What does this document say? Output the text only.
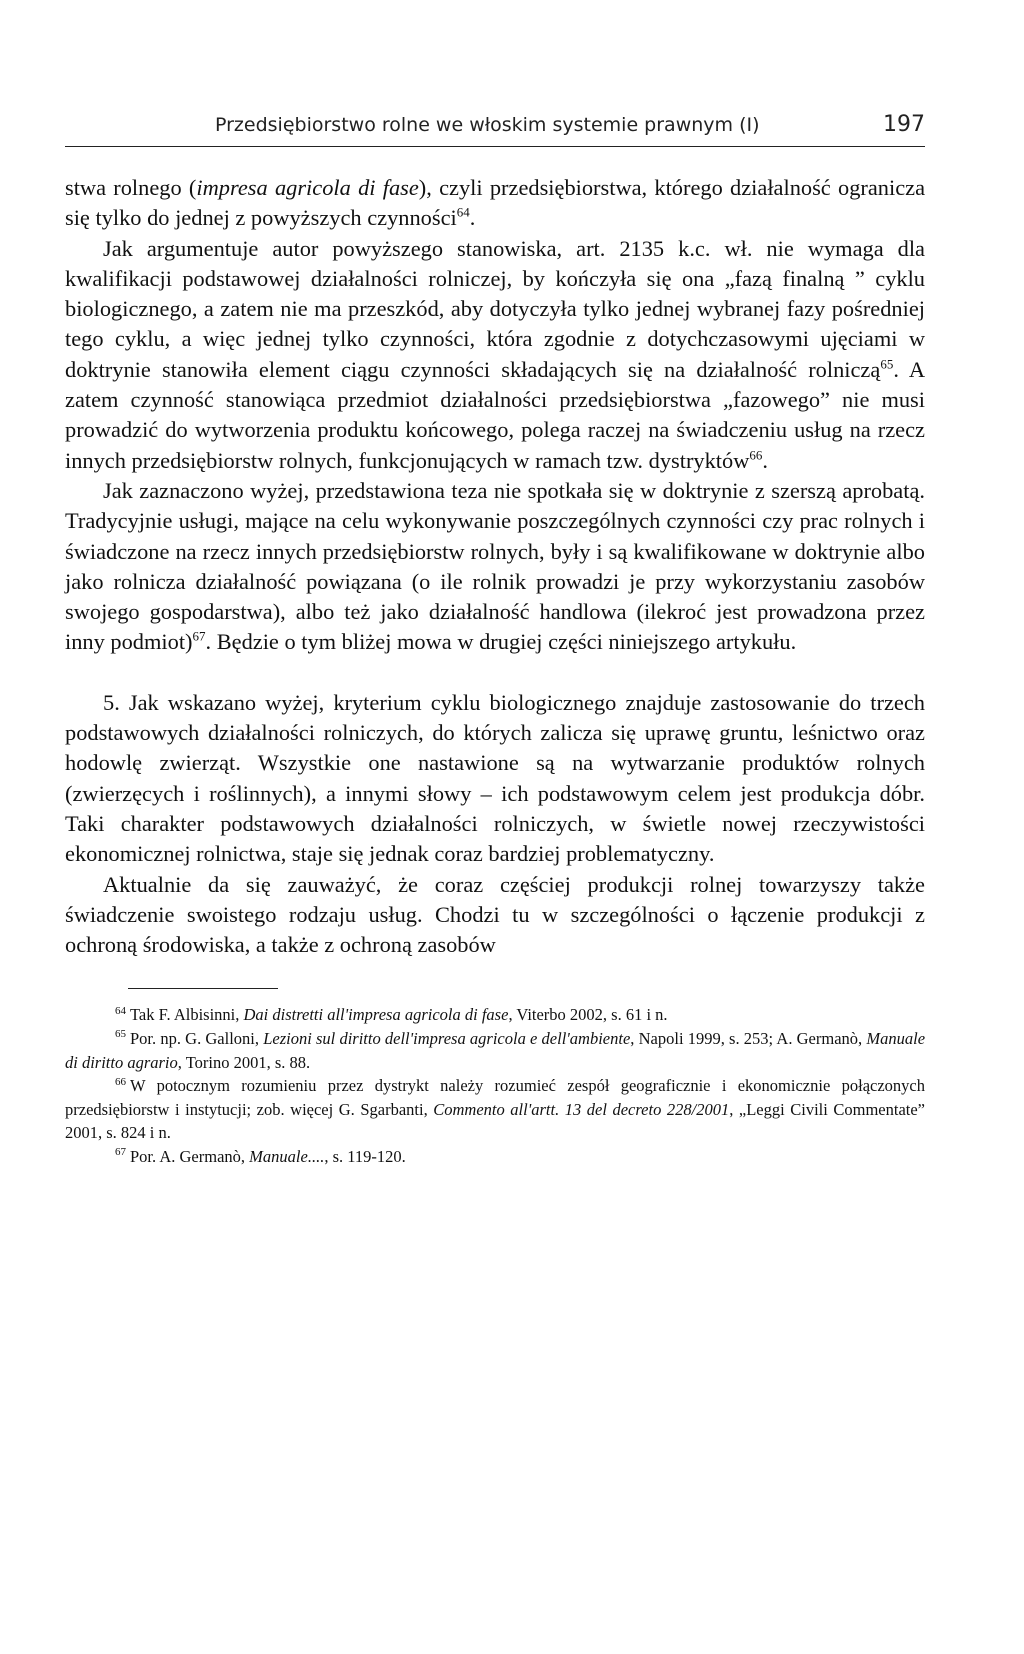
Przedsiębiorstwo rolne we włoskim systemie prawnym (I)	197

stwa rolnego (impresa agricola di fase), czyli przedsiębiorstwa, którego działalność ogranicza się tylko do jednej z powyższych czynności$^{64}$.

Jak argumentuje autor powyższego stanowiska, art. 2135 k.c. wł. nie wymaga dla kwalifikacji podstawowej działalności rolniczej, by kończyła się ona „fazą finalną ” cyklu biologicznego, a zatem nie ma przeszkód, aby dotyczyła tylko jednej wybranej fazy pośredniej tego cyklu, a więc jednej tylko czynności, która zgodnie z dotychczasowymi ujęciami w doktrynie stanowiła element ciągu czynności składających się na działalność rolniczą$^{65}$. A zatem czynność stanowiąca przedmiot działalności przedsiębiorstwa „fazowego” nie musi prowadzić do wytworzenia produktu końcowego, polega raczej na świadczeniu usług na rzecz innych przedsiębiorstw rolnych, funkcjonujących w ramach tzw. dystryktów$^{66}$.

Jak zaznaczono wyżej, przedstawiona teza nie spotkała się w doktrynie z szerszą aprobatą. Tradycyjnie usługi, mające na celu wykonywanie poszczególnych czynności czy prac rolnych i świadczone na rzecz innych przedsiębiorstw rolnych, były i są kwalifikowane w doktrynie albo jako rolnicza działalność powiązana (o ile rolnik prowadzi je przy wykorzystaniu zasobów swojego gospodarstwa), albo też jako działalność handlowa (ilekroć jest prowadzona przez inny podmiot)$^{67}$. Będzie o tym bliżej mowa w drugiej części niniejszego artykułu.

5. Jak wskazano wyżej, kryterium cyklu biologicznego znajduje zastosowanie do trzech podstawowych działalności rolniczych, do których zalicza się uprawę gruntu, leśnictwo oraz hodowlę zwierząt. Wszystkie one nastawione są na wytwarzanie produktów rolnych (zwierzęcych i roślinnych), a innymi słowy – ich podstawowym celem jest produkcja dóbr. Taki charakter podstawowych działalności rolniczych, w świetle nowej rzeczywistości ekonomicznej rolnictwa, staje się jednak coraz bardziej problematyczny.

Aktualnie da się zauważyć, że coraz częściej produkcji rolnej towarzyszy także świadczenie swoistego rodzaju usług. Chodzi tu w szczególności o łączenie produkcji z ochroną środowiska, a także z ochroną zasobów

$^{64}$ Tak F. Albisinni, Dai distretti all'impresa agricola di fase, Viterbo 2002, s. 61 i n.

$^{65}$ Por. np. G. Galloni, Lezioni sul diritto dell'impresa agricola e dell'ambiente, Napoli 1999, s. 253; A. Germanò, Manuale di diritto agrario, Torino 2001, s. 88.

$^{66}$ W potocznym rozumieniu przez dystrykt należy rozumieć zespół geograficznie i ekonomicznie połączonych przedsiębiorstw i instytucji; zob. więcej G. Sgarbanti, Commento all'artt. 13 del decreto 228/2001, „Leggi Civili Commentate” 2001, s. 824 i n.

$^{67}$ Por. A. Germanò, Manuale...., s. 119-120.
